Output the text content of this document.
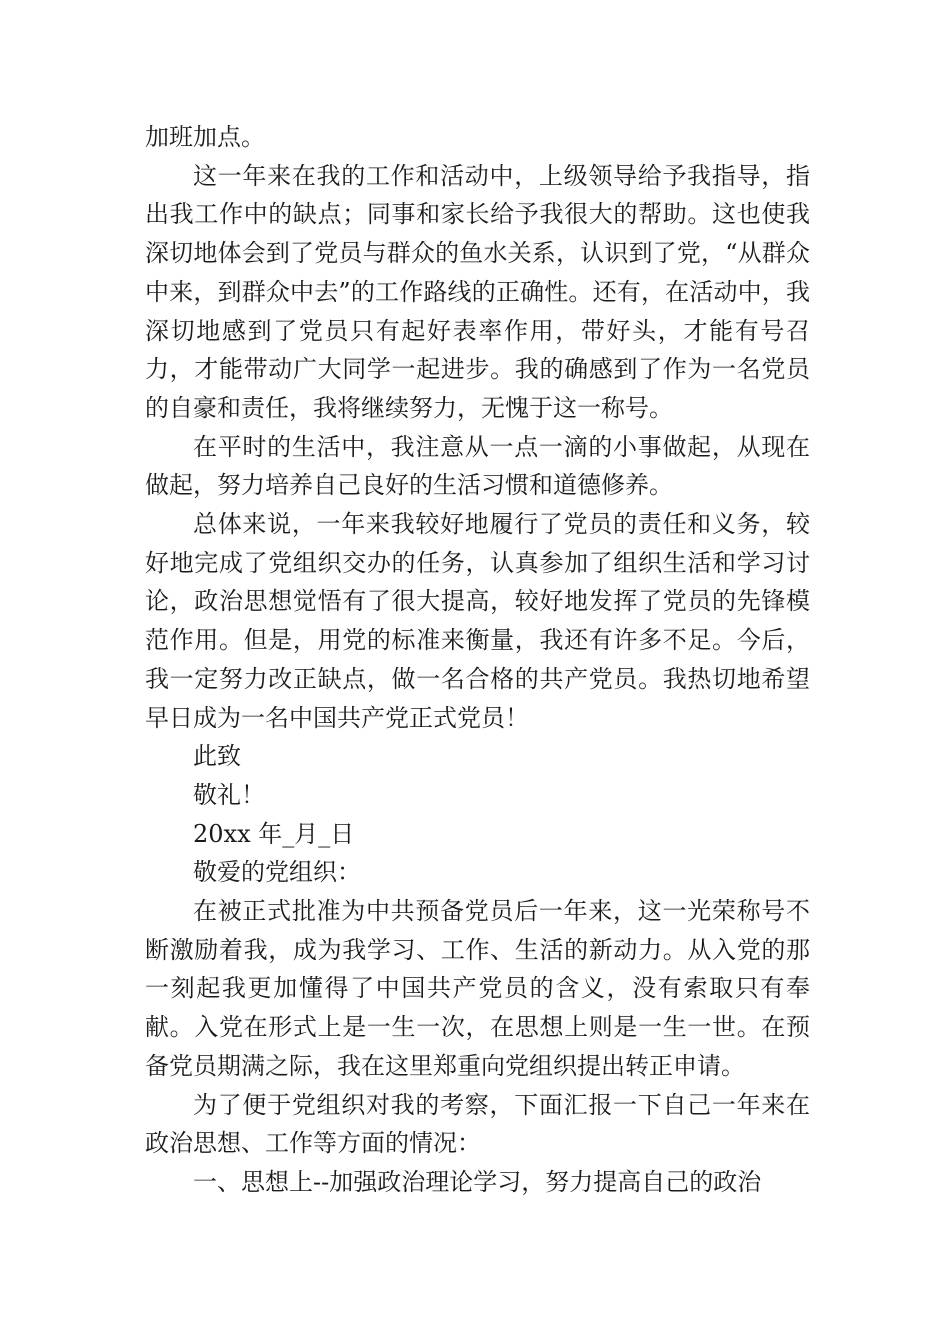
加班加点。

这一年来在我的工作和活动中，上级领导给予我指导，指出我工作中的缺点；同事和家长给予我很大的帮助。这也使我深切地体会到了党员与群众的鱼水关系，认识到了党，“从群众中来，到群众中去”的工作路线的正确性。还有，在活动中，我深切地感到了党员只有起好表率作用，带好头，才能有号召力，才能带动广大同学一起进步。我的确感到了作为一名党员的自豪和责任，我将继续努力，无愧于这一称号。

在平时的生活中，我注意从一点一滴的小事做起，从现在做起，努力培养自己良好的生活习惯和道德修养。

总体来说，一年来我较好地履行了党员的责任和义务，较好地完成了党组织交办的任务，认真参加了组织生活和学习讨论，政治思想觉悟有了很大提高，较好地发挥了党员的先锋模范作用。但是，用党的标准来衡量，我还有许多不足。今后，我一定努力改正缺点，做一名合格的共产党员。我热切地希望早日成为一名中国共产党正式党员！

此致

敬礼！

20xx 年_月_日

敬爱的党组织：

在被正式批准为中共预备党员后一年来，这一光荣称号不断激励着我，成为我学习、工作、生活的新动力。从入党的那一刻起我更加懂得了中国共产党员的含义，没有索取只有奉献。入党在形式上是一生一次，在思想上则是一生一世。在预备党员期满之际，我在这里郑重向党组织提出转正申请。

为了便于党组织对我的考察，下面汇报一下自己一年来在政治思想、工作等方面的情况：

一、思想上--加强政治理论学习，努力提高自己的政治
